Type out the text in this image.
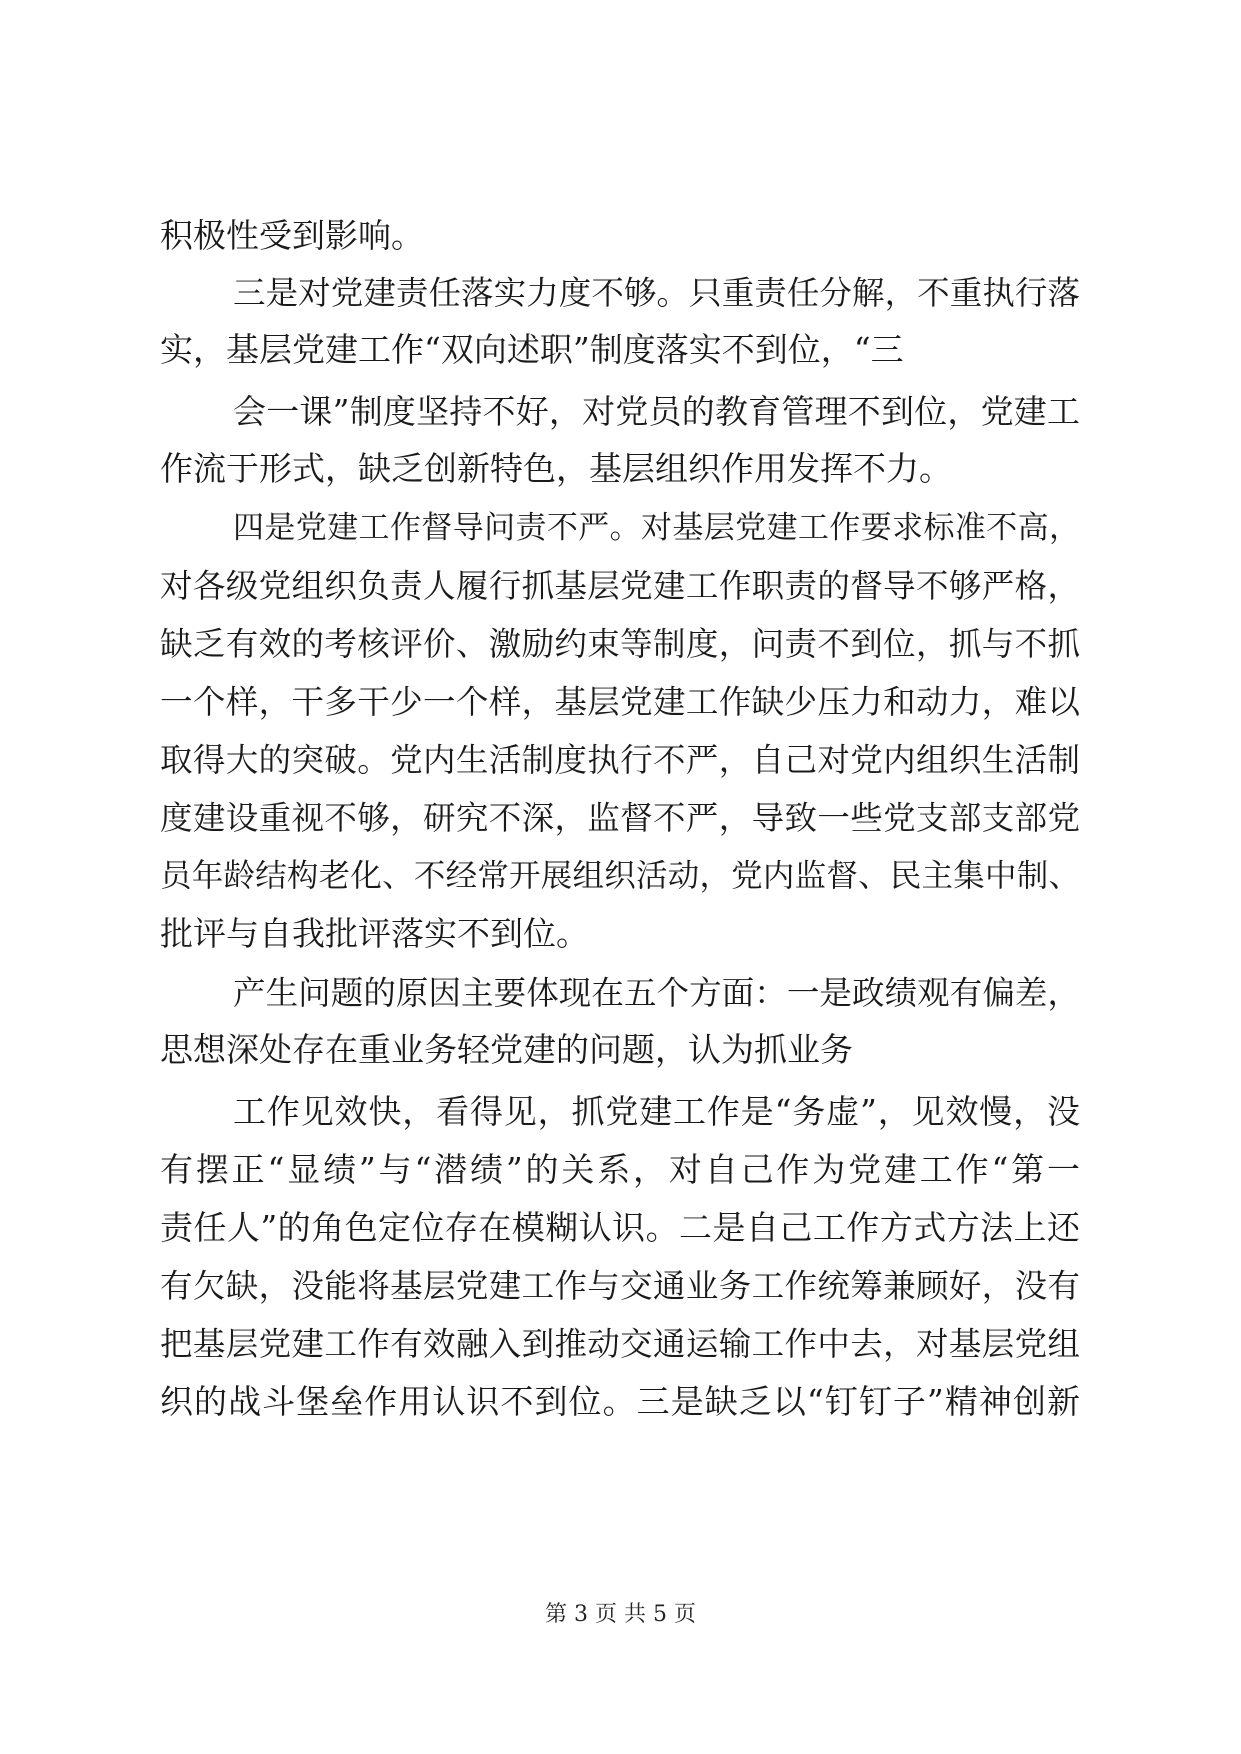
积极性受到影响。
三是对党建责任落实力度不够。只重责任分解，不重执行落
实，基层党建工作“双向述职”制度落实不到位，“三
会一课”制度坚持不好，对党员的教育管理不到位，党建工
作流于形式，缺乏创新特色，基层组织作用发挥不力。
四是党建工作督导问责不严。对基层党建工作要求标准不高，
对各级党组织负责人履行抓基层党建工作职责的督导不够严格，
缺乏有效的考核评价、激励约束等制度，问责不到位，抓与不抓
一个样，干多干少一个样，基层党建工作缺少压力和动力，难以
取得大的突破。党内生活制度执行不严，自己对党内组织生活制
度建设重视不够，研究不深，监督不严，导致一些党支部支部党
员年龄结构老化、不经常开展组织活动，党内监督、民主集中制、
批评与自我批评落实不到位。
产生问题的原因主要体现在五个方面：一是政绩观有偏差，
思想深处存在重业务轻党建的问题，认为抓业务
工作见效快，看得见，抓党建工作是“务虚”，见效慢，没
有摆正“显绩”与“潜绩”的关系，对自己作为党建工作“第一
责任人”的角色定位存在模糊认识。二是自己工作方式方法上还
有欠缺，没能将基层党建工作与交通业务工作统筹兼顾好，没有
把基层党建工作有效融入到推动交通运输工作中去，对基层党组
织的战斗堡垒作用认识不到位。三是缺乏以“钉钉子”精神创新
第 3 页 共 5 页
